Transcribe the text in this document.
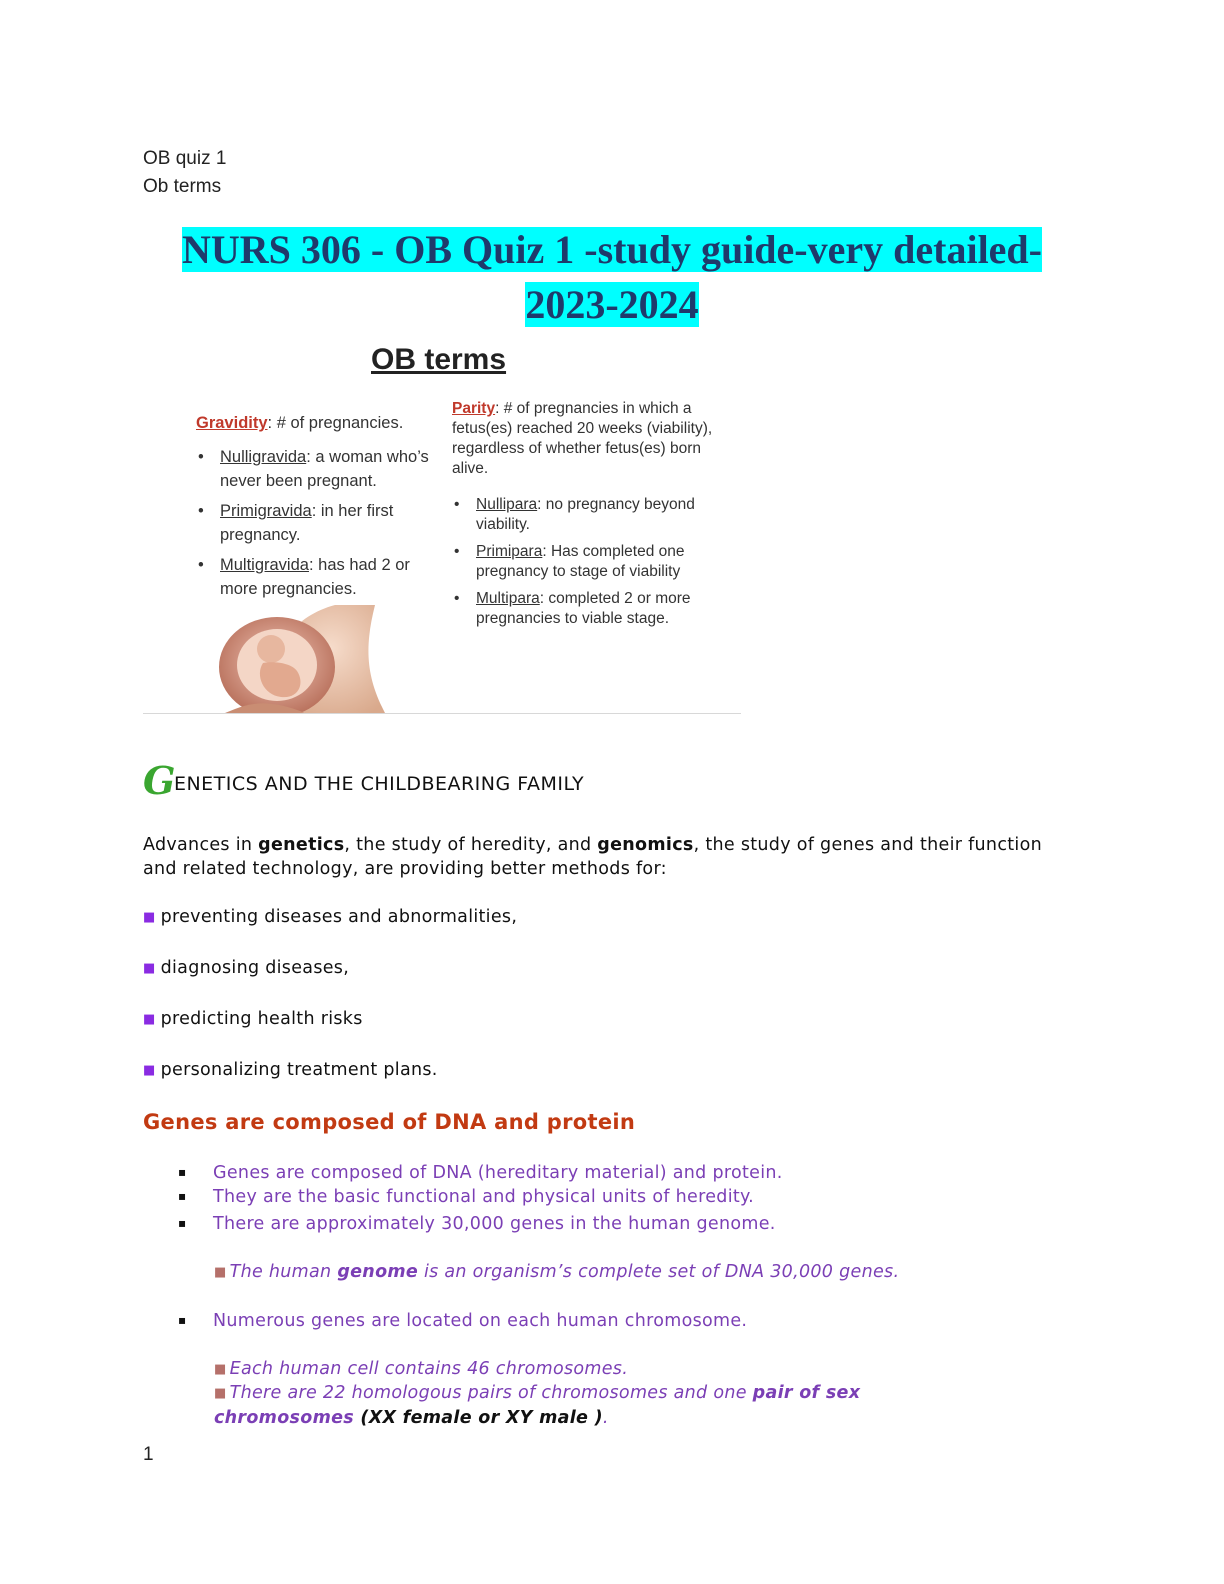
OB quiz 1
Ob terms
NURS 306 - OB Quiz 1 -study guide-very detailed-
2023-2024
OB terms
Gravidity: # of pregnancies.
• Nulligravida: a woman who’s never been pregnant.
• Primigravida: in her first pregnancy.
• Multigravida: has had 2 or more pregnancies.
Parity: # of pregnancies in which a fetus(es) reached 20 weeks (viability), regardless of whether fetus(es) born alive.
• Nullipara: no pregnancy beyond viability.
• Primipara: Has completed one pregnancy to stage of viability
• Multipara: completed 2 or more pregnancies to viable stage.
GENETICS AND THE CHILDBEARING FAMILY
Advances in genetics, the study of heredity, and genomics, the study of genes and their function and related technology, are providing better methods for:
■ preventing diseases and abnormalities,
■ diagnosing diseases,
■ predicting health risks
■ personalizing treatment plans.
Genes are composed of DNA and protein
▪ Genes are composed of DNA (hereditary material) and protein.
▪ They are the basic functional and physical units of heredity.
▪ There are approximately 30,000 genes in the human genome.
■ The human genome is an organism’s complete set of DNA 30,000 genes.
▪ Numerous genes are located on each human chromosome.
■ Each human cell contains 46 chromosomes.
■ There are 22 homologous pairs of chromosomes and one pair of sex
chromosomes (XX female or XY male ).
1
